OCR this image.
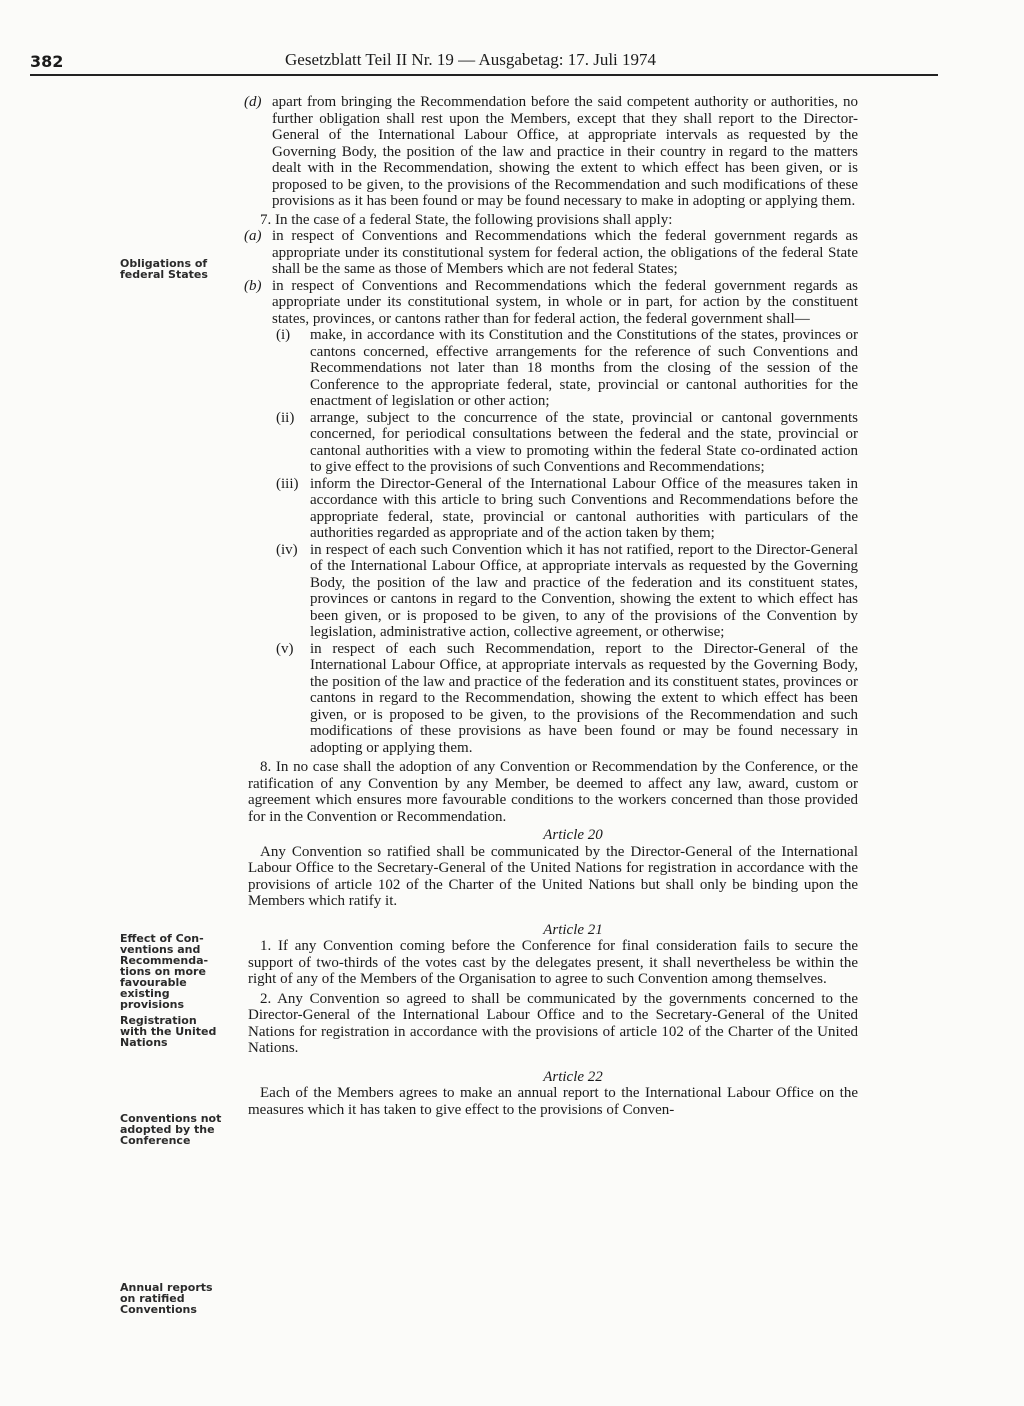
382	Gesetzblatt Teil II Nr. 19 — Ausgabetag: 17. Juli 1974
Obligations of
federal States
Effect of Con-
ventions and
Recommenda-
tions on more
favourable
existing
provisions
Registration
with the United
Nations
Conventions not
adopted by the
Conference
Annual reports
on ratified
Conventions
(d) apart from bringing the Recommendation before the said competent authority or authorities, no further obligation shall rest upon the Members, except that they shall report to the Director-General of the International Labour Office, at appropriate intervals as requested by the Governing Body, the position of the law and practice in their country in regard to the matters dealt with in the Recommendation, showing the extent to which effect has been given, or is proposed to be given, to the provisions of the Recommendation and such modifications of these provisions as it has been found or may be found necessary to make in adopting or applying them.
7. In the case of a federal State, the following provisions shall apply:
(a) in respect of Conventions and Recommendations which the federal government regards as appropriate under its constitutional system for federal action, the obligations of the federal State shall be the same as those of Members which are not federal States;
(b) in respect of Conventions and Recommendations which the federal government regards as appropriate under its constitutional system, in whole or in part, for action by the constituent states, provinces, or cantons rather than for federal action, the federal government shall—
(i) make, in accordance with its Constitution and the Constitutions of the states, provinces or cantons concerned, effective arrangements for the reference of such Conventions and Recommendations not later than 18 months from the closing of the session of the Conference to the appropriate federal, state, provincial or cantonal authorities for the enactment of legislation or other action;
(ii) arrange, subject to the concurrence of the state, provincial or cantonal governments concerned, for periodical consultations between the federal and the state, provincial or cantonal authorities with a view to promoting within the federal State co-ordinated action to give effect to the provisions of such Conventions and Recommendations;
(iii) inform the Director-General of the International Labour Office of the measures taken in accordance with this article to bring such Conventions and Recommendations before the appropriate federal, state, provincial or cantonal authorities with particulars of the authorities regarded as appropriate and of the action taken by them;
(iv) in respect of each such Convention which it has not ratified, report to the Director-General of the International Labour Office, at appropriate intervals as requested by the Governing Body, the position of the law and practice of the federation and its constituent states, provinces or cantons in regard to the Convention, showing the extent to which effect has been given, or is proposed to be given, to any of the provisions of the Convention by legislation, administrative action, collective agreement, or otherwise;
(v) in respect of each such Recommendation, report to the Director-General of the International Labour Office, at appropriate intervals as requested by the Governing Body, the position of the law and practice of the federation and its constituent states, provinces or cantons in regard to the Recommendation, showing the extent to which effect has been given, or is proposed to be given, to the provisions of the Recommendation and such modifications of these provisions as have been found or may be found necessary in adopting or applying them.
8. In no case shall the adoption of any Convention or Recommendation by the Conference, or the ratification of any Convention by any Member, be deemed to affect any law, award, custom or agreement which ensures more favourable conditions to the workers concerned than those provided for in the Convention or Recommendation.
Article 20
Any Convention so ratified shall be communicated by the Director-General of the International Labour Office to the Secretary-General of the United Nations for registration in accordance with the provisions of article 102 of the Charter of the United Nations but shall only be binding upon the Members which ratify it.
Article 21
1. If any Convention coming before the Conference for final consideration fails to secure the support of two-thirds of the votes cast by the delegates present, it shall nevertheless be within the right of any of the Members of the Organisation to agree to such Convention among themselves.
2. Any Convention so agreed to shall be communicated by the governments concerned to the Director-General of the International Labour Office and to the Secretary-General of the United Nations for registration in accordance with the provisions of article 102 of the Charter of the United Nations.
Article 22
Each of the Members agrees to make an annual report to the International Labour Office on the measures which it has taken to give effect to the provisions of Conven-
